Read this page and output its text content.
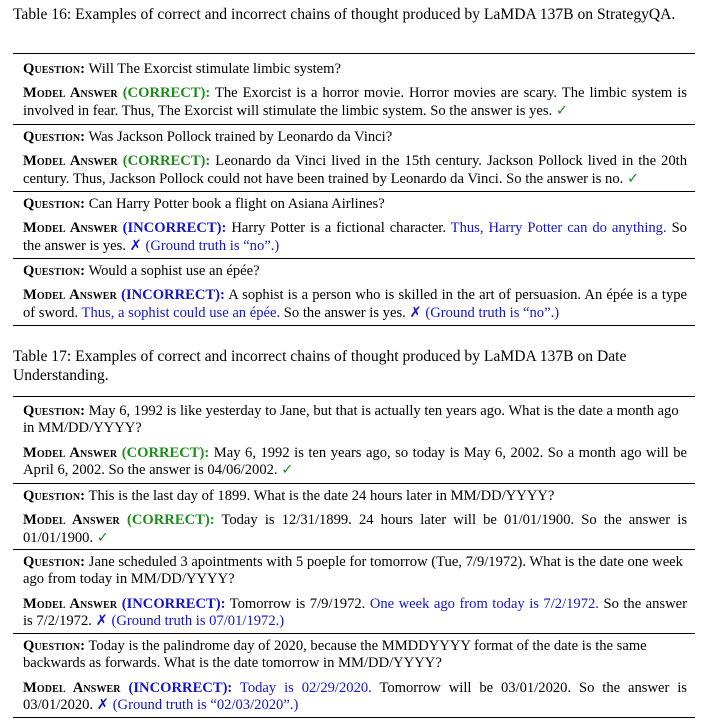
Table 16: Examples of correct and incorrect chains of thought produced by LaMDA 137B on StrategyQA.

Question: Will The Exorcist stimulate limbic system?

Model Answer (CORRECT): The Exorcist is a horror movie. Horror movies are scary. The limbic system is involved in fear. Thus, The Exorcist will stimulate the limbic system. So the answer is yes. ✓

Question: Was Jackson Pollock trained by Leonardo da Vinci?

Model Answer (CORRECT): Leonardo da Vinci lived in the 15th century. Jackson Pollock lived in the 20th century. Thus, Jackson Pollock could not have been trained by Leonardo da Vinci. So the answer is no. ✓

Question: Can Harry Potter book a flight on Asiana Airlines?

Model Answer (INCORRECT): Harry Potter is a fictional character. Thus, Harry Potter can do anything. So the answer is yes. ✗ (Ground truth is “no”.)

Question: Would a sophist use an épée?

Model Answer (INCORRECT): A sophist is a person who is skilled in the art of persuasion. An épée is a type of sword. Thus, a sophist could use an épée. So the answer is yes. ✗ (Ground truth is “no”.)

Table 17: Examples of correct and incorrect chains of thought produced by LaMDA 137B on Date Understanding.

Question: May 6, 1992 is like yesterday to Jane, but that is actually ten years ago. What is the date a month ago in MM/DD/YYYY?

Model Answer (CORRECT): May 6, 1992 is ten years ago, so today is May 6, 2002. So a month ago will be April 6, 2002. So the answer is 04/06/2002. ✓

Question: This is the last day of 1899. What is the date 24 hours later in MM/DD/YYYY?

Model Answer (CORRECT): Today is 12/31/1899. 24 hours later will be 01/01/1900. So the answer is 01/01/1900. ✓

Question: Jane scheduled 3 apointments with 5 poeple for tomorrow (Tue, 7/9/1972). What is the date one week ago from today in MM/DD/YYYY?

Model Answer (INCORRECT): Tomorrow is 7/9/1972. One week ago from today is 7/2/1972. So the answer is 7/2/1972. ✗ (Ground truth is 07/01/1972.)

Question: Today is the palindrome day of 2020, because the MMDDYYYY format of the date is the same backwards as forwards. What is the date tomorrow in MM/DD/YYYY?

Model Answer (INCORRECT): Today is 02/29/2020. Tomorrow will be 03/01/2020. So the answer is 03/01/2020. ✗ (Ground truth is “02/03/2020”.)
